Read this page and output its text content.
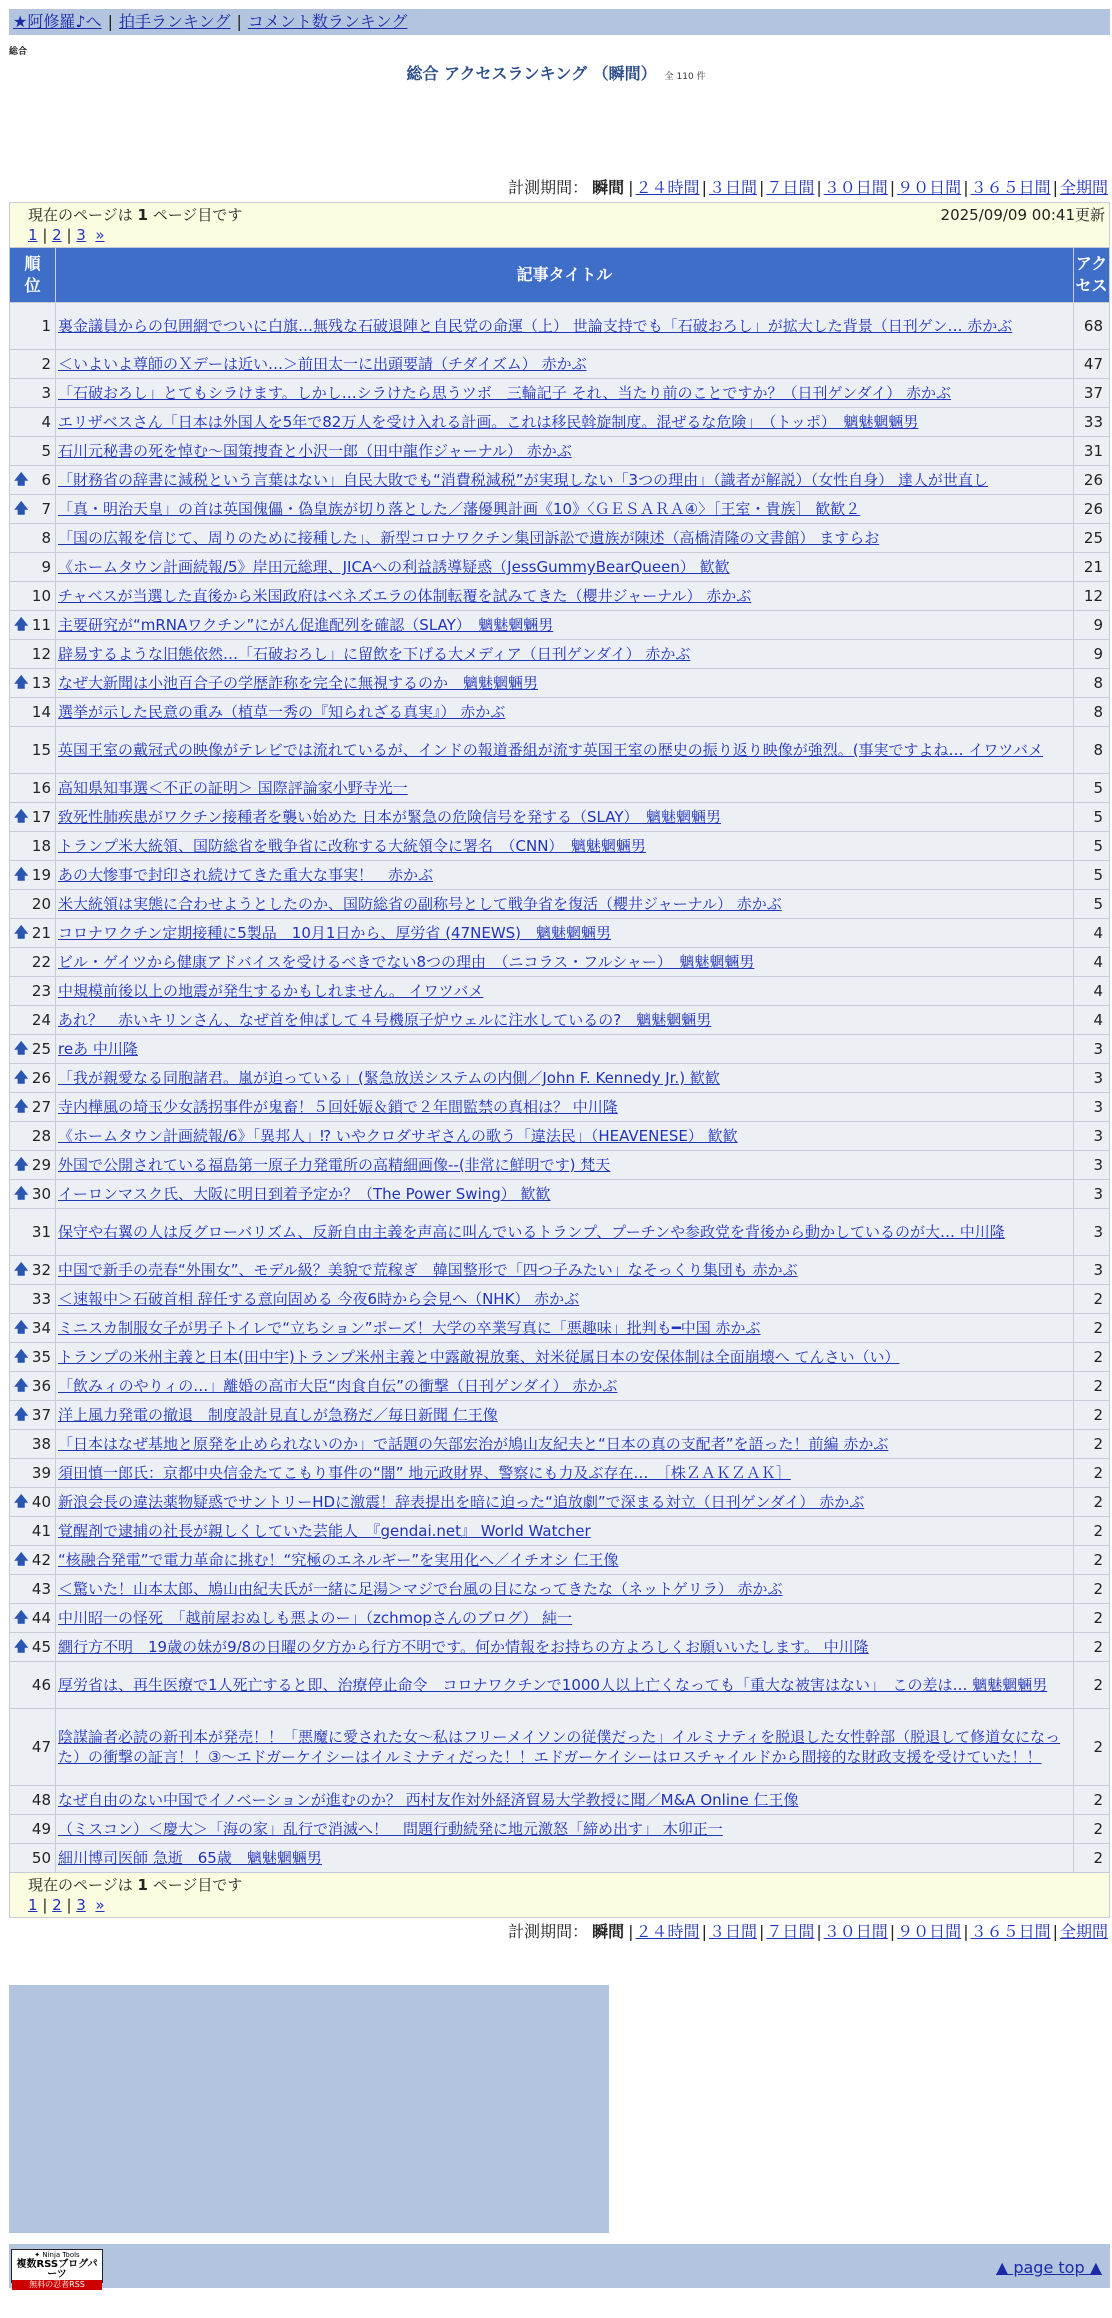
★阿修羅♪へ | 拍手ランキング | コメント数ランキング
総合
総合 アクセスランキング （瞬間） 全 110 件
計測期間： 瞬間 | ２４時間 | ３日間 | ７日間 | ３０日間 | ９０日間 | ３６５日間 | 全期間
現在のページは 1 ページ目です 2025/09/09 00:41更新
1 | 2 | 3 »		

順位	記事タイトル	アクセス
1	裏金議員からの包囲網でついに白旗…無残な石破退陣と自民党の命運（上） 世論支持でも「石破おろし」が拡大した背景（日刊ゲン… 赤かぶ	68
2	＜いよいよ尊師のＸデーは近い…＞前田太一に出頭要請（チダイズム） 赤かぶ	47
3	「石破おろし」とてもシラけます。しかし…シラけたら思うツボ　三輪記子 それ、当たり前のことですか？（日刊ゲンダイ） 赤かぶ	37
4	エリザベスさん「日本は外国人を5年で82万人を受け入れる計画。これは移民斡旋制度。混ぜるな危険」　（トッポ）　魑魅魍魎男	33
5	石川元秘書の死を悼む～国策捜査と小沢一郎（田中龍作ジャーナル） 赤かぶ	31

🡅 6	「財務省の辞書に減税という言葉はない」自民大敗でも“消費税減税”が実現しない「3つの理由」（識者が解説）（女性自身） 達人が世直し	26

🡅 7	「真・明治天皇」の首は英国傀儡・偽皇族が切り落とした／藩優興計画《10》〈ＧＥＳＡＲＡ④〉［王室・貴族］ 歓歓２	26
8	「国の広報を信じて、周りのために接種した」、新型コロナワクチン集団訴訟で遺族が陳述（高橋清隆の文書館） ますらお	25
9	《ホームタウン計画続報/5》岸田元総理、JICAへの利益誘導疑惑（JessGummyBearQueen） 歓歓	21
10	チャベスが当選した直後から米国政府はベネズエラの体制転覆を試みてきた（櫻井ジャーナル） 赤かぶ	12

🡅 11	主要研究が“mRNAワクチン”にがん促進配列を確認（SLAY）　魑魅魍魎男	9
12	辟易するような旧態依然…「石破おろし」に留飲を下げる大メディア（日刊ゲンダイ） 赤かぶ	9

🡅 13	なぜ大新聞は小池百合子の学歴詐称を完全に無視するのか　魑魅魍魎男	8
14	選挙が示した民意の重み（植草一秀の『知られざる真実』） 赤かぶ	8
15	英国王室の戴冠式の映像がテレビでは流れているが、インドの報道番組が流す英国王室の歴史の振り返り映像が強烈。(事実ですよね… イワツバメ	8
16	高知県知事選＜不正の証明＞ 国際評論家小野寺光一	5

🡅 17	致死性肺疾患がワクチン接種者を襲い始めた 日本が緊急の危険信号を発する（SLAY）　魑魅魍魎男	5
18	トランプ米大統領、国防総省を戦争省に改称する大統領令に署名　（CNN）　魑魅魍魎男	5

🡅 19	あの大惨事で封印され続けてきた重大な事実！　赤かぶ	5
20	米大統領は実態に合わせようとしたのか、国防総省の副称号として戦争省を復活（櫻井ジャーナル） 赤かぶ	5

🡅 21	コロナワクチン定期接種に5製品　10月1日から、厚労省 (47NEWS)　魑魅魍魎男	4
22	ビル・ゲイツから健康アドバイスを受けるべきでない8つの理由　（ニコラス・フルシャー）　魑魅魍魎男	4
23	中規模前後以上の地震が発生するかもしれません。 イワツバメ	4
24	あれ？　赤いキリンさん、なぜ首を伸ばして４号機原子炉ウェルに注水しているの?　魑魅魍魎男	4

🡅 25	reあ 中川隆	3

🡅 26	「我が親愛なる同胞諸君。嵐が迫っている」(緊急放送システムの内側／John F. Kennedy Jr.) 歓歓	3

🡅 27	寺内樺風の埼玉少女誘拐事件が鬼畜！５回妊娠＆鎖で２年間監禁の真相は？ 中川隆	3
28	《ホームタウン計画続報/6》「異邦人」⁉ いやクロダサギさんの歌う「違法民」（HEAVENESE） 歓歓	3

🡅 29	外国で公開されている福島第一原子力発電所の高精細画像--(非常に鮮明です) 梵天	3

🡅 30	イーロンマスク氏、大阪に明日到着予定か？（The Power Swing） 歓歓	3
31	保守や右翼の人は反グローバリズム、反新自由主義を声高に叫んでいるトランプ、プーチンや参政党を背後から動かしているのが大… 中川隆	3

🡅 32	中国で新手の売春“外围女”、モデル級？美貌で荒稼ぎ　韓国整形で「四つ子みたい」なそっくり集団も 赤かぶ	3
33	＜速報中＞石破首相 辞任する意向固める 今夜6時から会見へ（NHK） 赤かぶ	2

🡅 34	ミニスカ制服女子が男子トイレで“立ちション”ポーズ！大学の卒業写真に「悪趣味」批判も━中国 赤かぶ	2

🡅 35	トランプの米州主義と日本(田中宇)トランプ米州主義と中露敵視放棄、対米従属日本の安保体制は全面崩壊へ てんさい（い）	2

🡅 36	「飲みィのやりィの…」離婚の高市大臣“肉食自伝”の衝撃（日刊ゲンダイ） 赤かぶ	2

🡅 37	洋上風力発電の撤退　制度設計見直しが急務だ／毎日新聞 仁王像	2
38	「日本はなぜ基地と原発を止められないのか」で話題の矢部宏治が鳩山友紀夫と“日本の真の支配者”を語った！前編 赤かぶ	2
39	須田慎一郎氏：京都中央信金たてこもり事件の“闇” 地元政財界、警察にも力及ぶ存在…　［株ＺＡＫＺＡＫ］	2

🡅 40	新浪会長の違法薬物疑惑でサントリーHDに激震！辞表提出を暗に迫った“追放劇”で深まる対立（日刊ゲンダイ） 赤かぶ	2
41	覚醒剤で逮捕の社長が親しくしていた芸能人　『gendai.net』 World Watcher	2

🡅 42	“核融合発電”で電力革命に挑む！“究極のエネルギー”を実用化へ／イチオシ 仁王像	2
43	＜驚いた！山本太郎、鳩山由紀夫氏が一緒に足湯＞マジで台風の目になってきたな（ネットゲリラ） 赤かぶ	2

🡅 44	中川昭一の怪死　「越前屋おぬしも悪よのー」（zchmopさんのブログ） 純一	2

🡅 45	繝行方不明　19歳の妹が9/8の日曜の夕方から行方不明です。何か情報をお持ちの方よろしくお願いいたします。 中川隆	2
46	厚労省は、再生医療で1人死亡すると即、治療停止命令　コロナワクチンで1000人以上亡くなっても「重大な被害はない」　この差は… 魑魅魍魎男	2
47	陰謀論者必読の新刊本が発売！！「悪魔に愛された女～私はフリーメイソンの従僕だった」イルミナティを脱退した女性幹部（脱退して修道女になった）の衝撃の証言！！③～エドガーケイシーはイルミナティだった！！エドガーケイシーはロスチャイルドから間接的な財政支援を受けていた！！	2
48	なぜ自由のない中国でイノベーションが進むのか？ 西村友作対外経済貿易大学教授に聞／M&A Online 仁王像	2
49	（ミスコン）＜慶大＞「海の家」乱行で消滅へ！　問題行動続発に地元激怒「締め出す」 木卯正一	2
50	細川博司医師 急逝　65歳　魑魅魍魎男	2
現在のページは 1 ページ目です
1 | 2 | 3 »		
✦ Ninja Tools
複数RSSブログパーツ
無料の忍者RSS
▲ page top ▲
計測期間： 瞬間 | ２４時間 | ３日間 | ７日間 | ３０日間 | ９０日間 | ３６５日間 | 全期間
